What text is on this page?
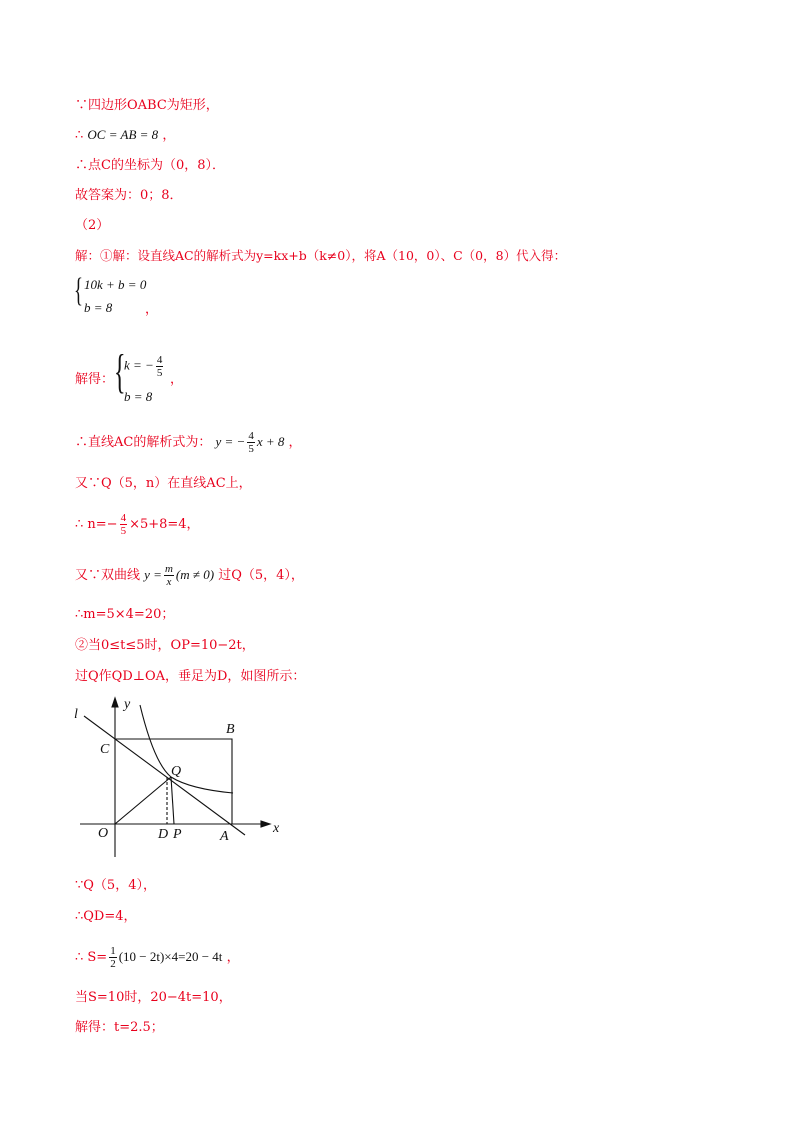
∵四边形OABC为矩形，
∴ OC = AB = 8 ，
∴点C的坐标为（0，8）．
故答案为：0；8．
（2）
解：①解：设直线AC的解析式为y=kx+b（k≠0），将A（10，0）、C（0，8）代入得：
{ 10k + b = 0
b = 8	，
解得： {
k = − $\frac{4}{5}$
，
b = 8
∴直线AC的解析式为： y = − $\frac{4}{5}$ x + 8 ，
又∵Q（5，n）在直线AC上，
∴ $n=- \frac{4}{5} \times 5+8=4$，
又∵双曲线 $y = \frac{m}{x} (m \ne 0)$ 过Q（5，4），
∴m=5×4=20；
②当0≤t≤5时，OP=10−2t，
过Q作QD⊥OA，垂足为D，如图所示：
y
x
l
B
C
Q
O	D P	A
∵Q（5，4），
∴QD=4，
∴ $S= \frac{1}{2} (10 - 2t)\times 4=20 - 4t$ ，
当S=10时，20−4t=10，
解得：t=2.5；
